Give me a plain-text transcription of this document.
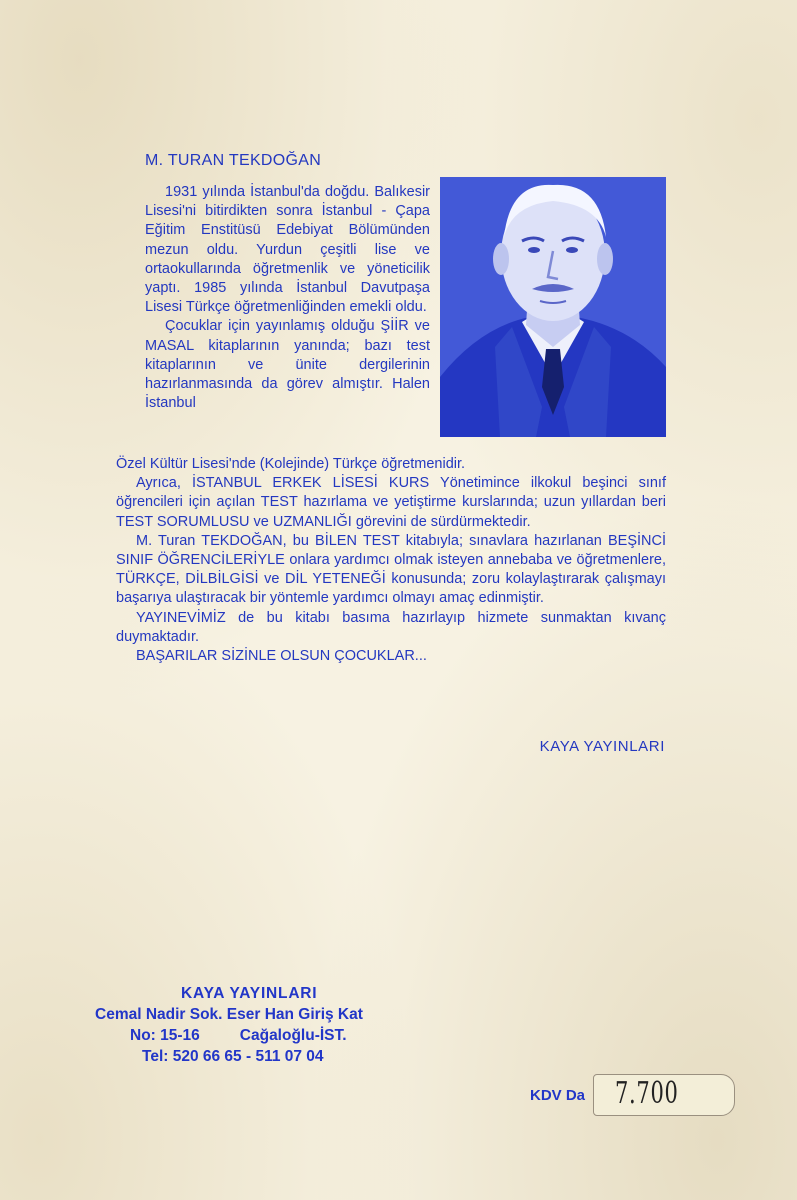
M. TURAN TEKDOĞAN

1931 yılında İstanbul'da doğdu. Balıkesir Lisesi'ni bitirdikten sonra İstanbul - Çapa Eğitim Enstitüsü Edebiyat Bölümünden mezun oldu. Yurdun çeşitli lise ve ortaokullarında öğretmenlik ve yöneticilik yaptı. 1985 yılında İstanbul Davutpaşa Lisesi Türkçe öğretmenliğinden emekli oldu.

Çocuklar için yayınlamış olduğu ŞİİR ve MASAL kitaplarının yanında; bazı test kitaplarının ve ünite dergilerinin hazırlanmasında da görev almıştır. Halen İstanbul

Özel Kültür Lisesi'nde (Kolejinde) Türkçe öğretmenidir.

Ayrıca, İSTANBUL ERKEK LİSESİ KURS Yönetimince ilkokul beşinci sınıf öğrencileri için açılan TEST hazırlama ve yetiştirme kurslarında; uzun yıllardan beri TEST SORUMLUSU ve UZMANLIĞI görevini de sürdürmektedir.

M. Turan TEKDOĞAN, bu BİLEN TEST kitabıyla; sınavlara hazırlanan BEŞİNCİ SINIF ÖĞRENCİLERİYLE onlara yardımcı olmak isteyen annebaba ve öğretmenlere, TÜRKÇE, DİLBİLGİSİ ve DİL YETENEĞİ konusunda; zoru kolaylaştırarak çalışmayı başarıya ulaştıracak bir yöntemle yardımcı olmayı amaç edinmiştir.

YAYINEVİMİZ de bu kitabı basıma hazırlayıp hizmete sunmaktan kıvanç duymaktadır.

BAŞARILAR SİZİNLE OLSUN ÇOCUKLAR...

KAYA YAYINLARI
KAYA YAYINLARI
Cemal Nadir Sok. Eser Han Giriş Kat
No: 15-16	Cağaloğlu-İST.
Tel: 520 66 65 - 511 07 04
KDV Da 7.700
